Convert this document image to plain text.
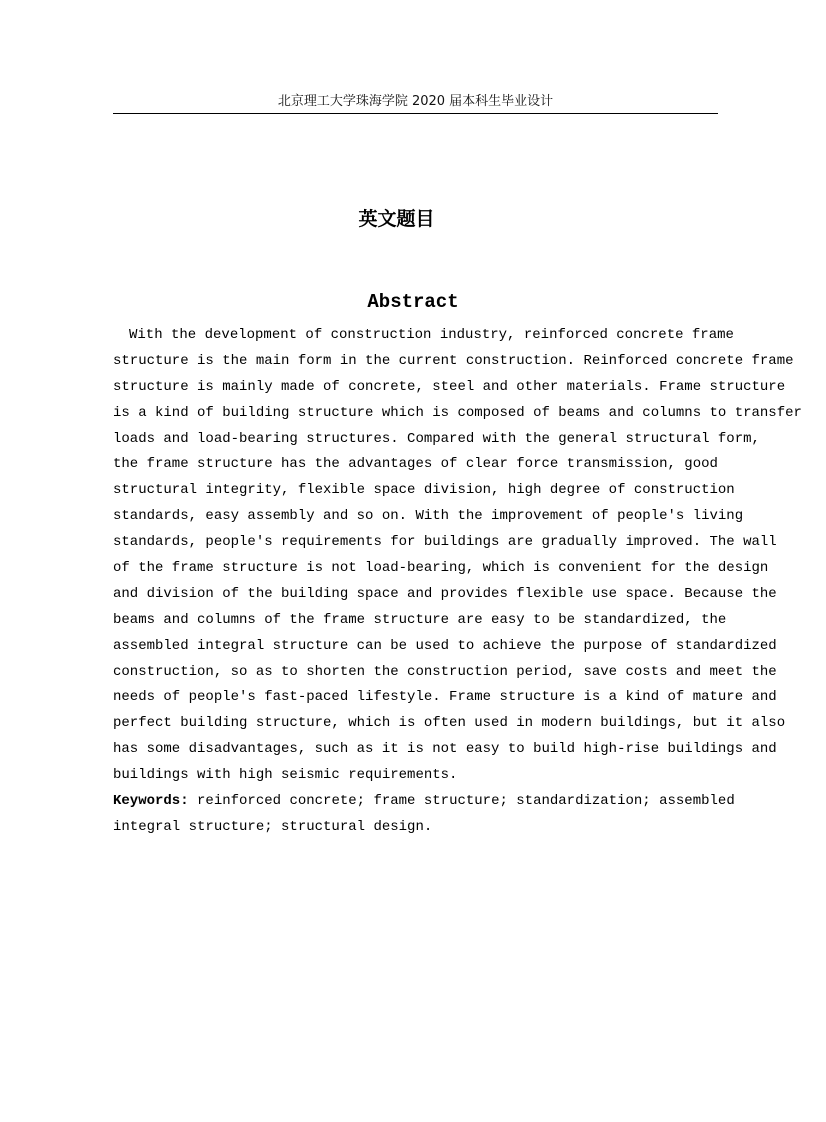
北京理工大学珠海学院 2020 届本科生毕业设计
英文题目
Abstract
With the development of construction industry, reinforced concrete frame
structure is the main form in the current construction. Reinforced concrete frame
structure is mainly made of concrete, steel and other materials. Frame structure
is a kind of building structure which is composed of beams and columns to transfer
loads and load-bearing structures. Compared with the general structural form,
the frame structure has the advantages of clear force transmission, good
structural integrity, flexible space division, high degree of construction
standards, easy assembly and so on. With the improvement of people's living
standards, people's requirements for buildings are gradually improved. The wall
of the frame structure is not load-bearing, which is convenient for the design
and division of the building space and provides flexible use space. Because the
beams and columns of the frame structure are easy to be standardized, the
assembled integral structure can be used to achieve the purpose of standardized
construction, so as to shorten the construction period, save costs and meet the
needs of people's fast-paced lifestyle. Frame structure is a kind of mature and
perfect building structure, which is often used in modern buildings, but it also
has some disadvantages, such as it is not easy to build high-rise buildings and
buildings with high seismic requirements.
Keywords: reinforced concrete; frame structure; standardization; assembled
integral structure; structural design.
